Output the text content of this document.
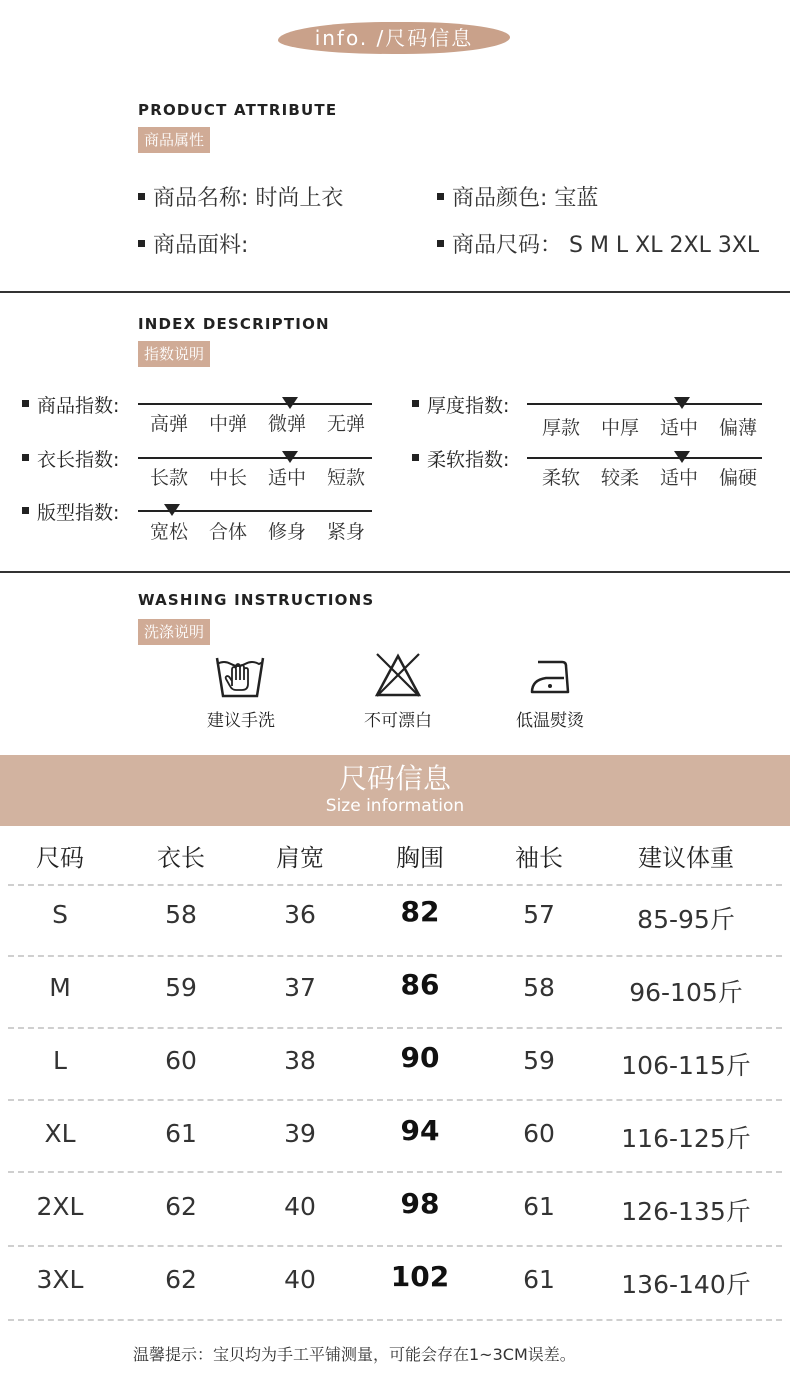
info. /尺码信息
PRODUCT ATTRIBUTE
商品属性
商品名称: 时尚上衣	商品颜色: 宝蓝
商品面料:	商品尺码： S M L XL 2XL 3XL
INDEX DESCRIPTION
指数说明
商品指数:
高弹 中弹 微弹 无弹
厚度指数:
厚款 中厚 适中 偏薄
衣长指数:
长款 中长 适中 短款
柔软指数:
柔软 较柔 适中 偏硬
版型指数:
宽松 合体 修身 紧身
WASHING INSTRUCTIONS
洗涤说明
建议手洗	不可漂白	低温熨烫
尺码信息
Size information
尺码	衣长	肩宽	胸围	袖长	建议体重
S	58	36	82	57	85-95斤
M	59	37	86	58	96-105斤
L	60	38	90	59	106-115斤
XL	61	39	94	60	116-125斤
2XL	62	40	98	61	126-135斤
3XL	62	40	102	61	136-140斤
温馨提示：宝贝均为手工平铺测量，可能会存在1~3CM误差。
